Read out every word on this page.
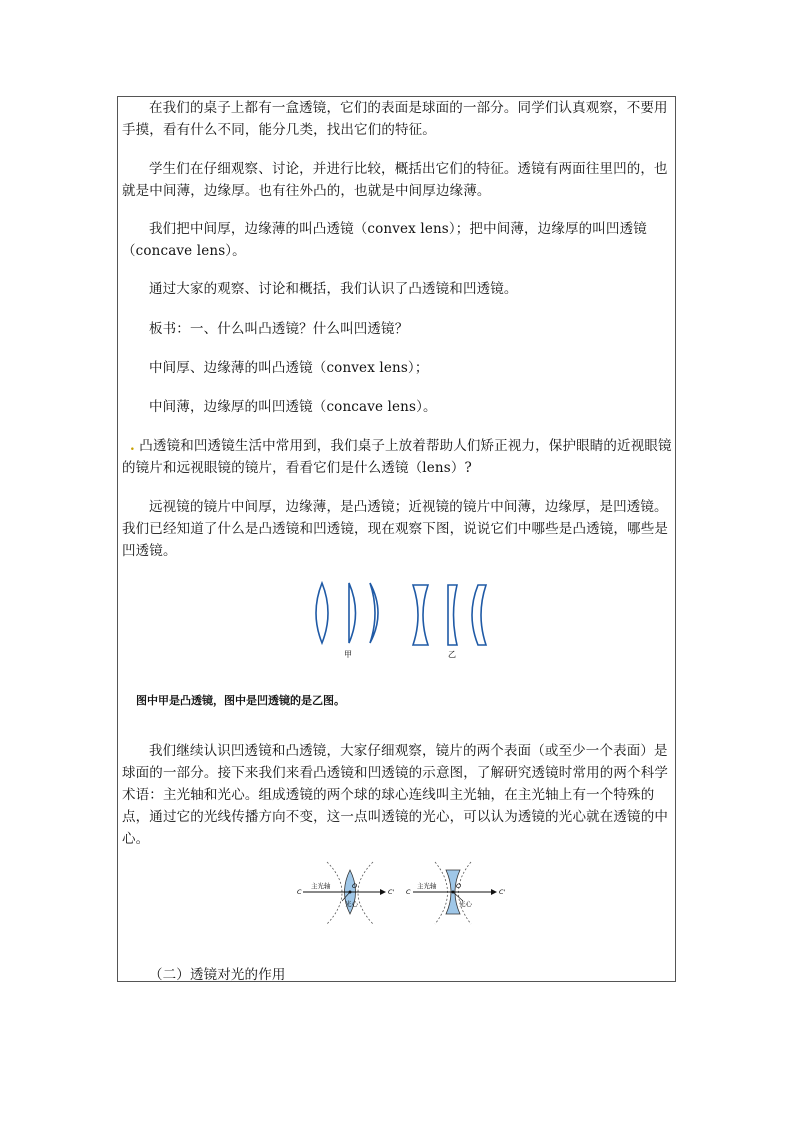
在我们的桌子上都有一盒透镜，它们的表面是球面的一部分。同学们认真观察，不要用手摸，看有什么不同，能分几类，找出它们的特征。

学生们在仔细观察、讨论，并进行比较，概括出它们的特征。透镜有两面往里凹的，也就是中间薄，边缘厚。也有往外凸的，也就是中间厚边缘薄。

我们把中间厚，边缘薄的叫凸透镜（convex lens）；把中间薄，边缘厚的叫凹透镜（concave lens）。

通过大家的观察、讨论和概括，我们认识了凸透镜和凹透镜。

板书：一、什么叫凸透镜？什么叫凹透镜？

中间厚、边缘薄的叫凸透镜（convex lens）；

中间薄，边缘厚的叫凹透镜（concave lens）。

. 凸透镜和凹透镜生活中常用到，我们桌子上放着帮助人们矫正视力，保护眼睛的近视眼镜的镜片和远视眼镜的镜片，看看它们是什么透镜（lens）?

远视镜的镜片中间厚，边缘薄，是凸透镜；近视镜的镜片中间薄，边缘厚，是凹透镜。我们已经知道了什么是凸透镜和凹透镜，现在观察下图，说说它们中哪些是凸透镜，哪些是凹透镜。

甲	乙
图中甲是凸透镜，图中是凹透镜的是乙图。

我们继续认识凹透镜和凸透镜，大家仔细观察，镜片的两个表面（或至少一个表面）是球面的一部分。接下来我们来看凸透镜和凹透镜的示意图，了解研究透镜时常用的两个科学术语：主光轴和光心。组成透镜的两个球的球心连线叫主光轴，在主光轴上有一个特殊的点，通过它的光线传播方向不变，这一点叫透镜的光心，可以认为透镜的光心就在透镜的中心。

主光轴	O
C	C'
光心
主光轴	O
C	C'
光心

（二）透镜对光的作用
